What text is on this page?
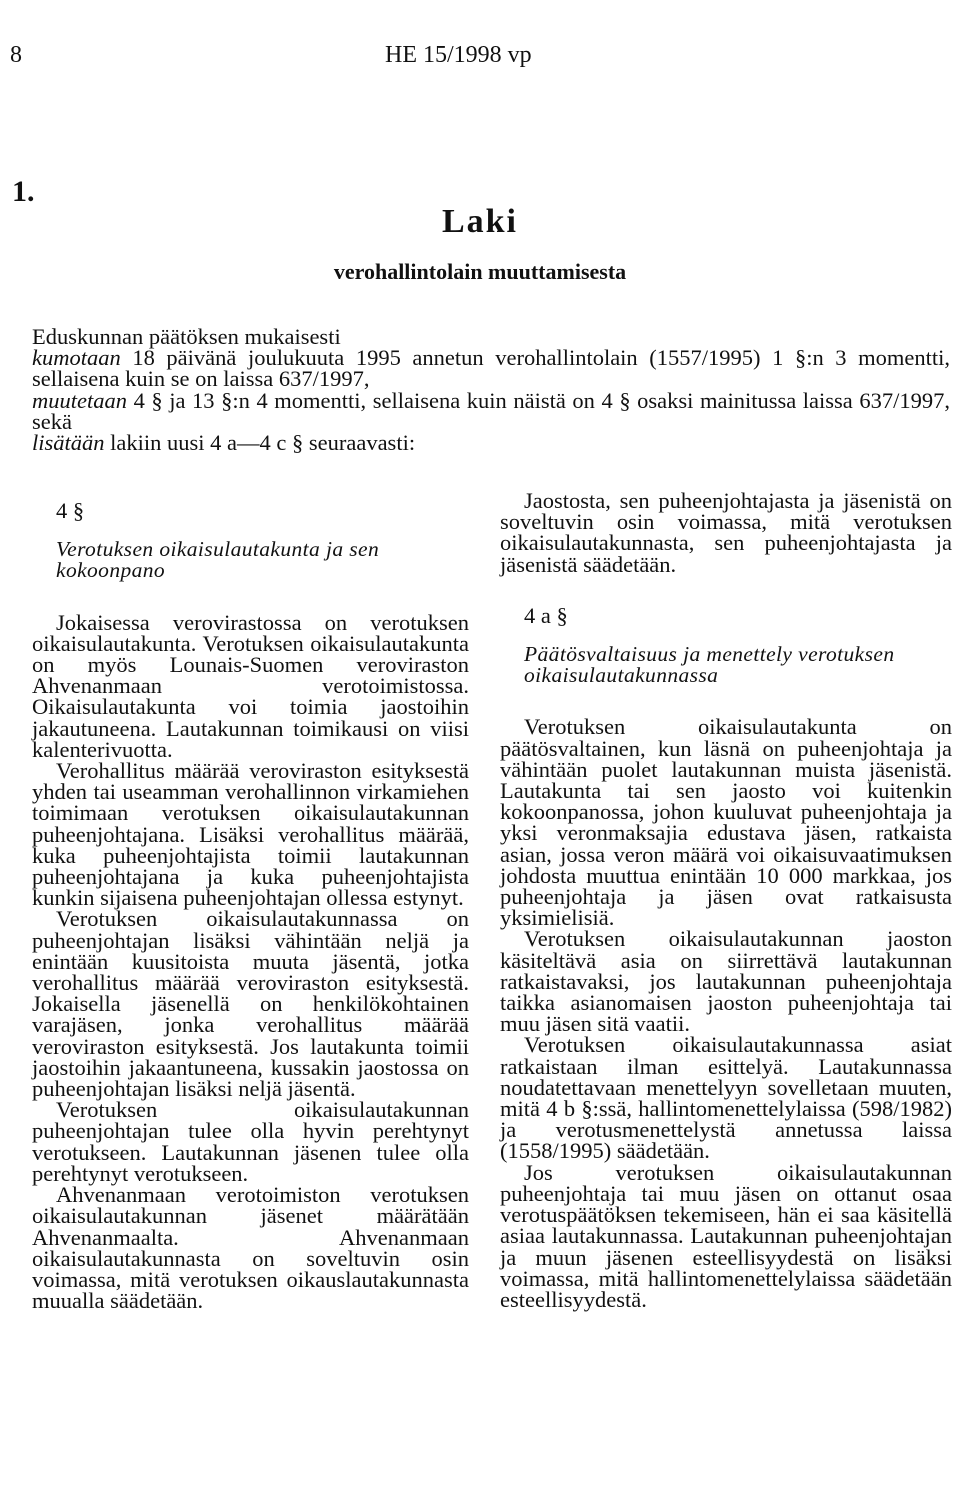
8	HE 15/1998 vp
1.
Laki
verohallintolain muuttamisesta

Eduskunnan päätöksen mukaisesti

kumotaan 18 päivänä joulukuuta 1995 annetun verohallintolain (1557/1995) 1 §:n 3 momentti, sellaisena kuin se on laissa 637/1997,

muutetaan 4 § ja 13 §:n 4 momentti, sellaisena kuin näistä on 4 § osaksi mainitussa laissa 637/1997, sekä

lisätään lakiin uusi 4 a—4 c § seuraavasti:

4 §

Verotuksen oikaisulautakunta ja sen

kokoonpano

Jokaisessa verovirastossa on verotuksen oikaisulautakunta. Verotuksen oikaisulautakunta on myös Lounais-Suomen veroviraston Ahvenanmaan verotoimistossa. Oikaisulautakunta voi toimia jaostoihin jakautuneena. Lautakunnan toimikausi on viisi kalenterivuotta.

Verohallitus määrää veroviraston esityksestä yhden tai useamman verohallinnon virkamiehen toimimaan verotuksen oikaisulautakunnan puheenjohtajana. Lisäksi verohallitus määrää, kuka puheenjohtajista toimii lautakunnan puheenjohtajana ja kuka puheenjohtajista kunkin sijaisena puheenjohtajan ollessa estynyt.

Verotuksen oikaisulautakunnassa on puheenjohtajan lisäksi vähintään neljä ja enintään kuusitoista muuta jäsentä, jotka verohallitus määrää veroviraston esityksestä. Jokaisella jäsenellä on henkilökohtainen varajäsen, jonka verohallitus määrää veroviraston esityksestä. Jos lautakunta toimii jaostoihin jakaantuneena, kussakin jaostossa on puheenjohtajan lisäksi neljä jäsentä.

Verotuksen oikaisulautakunnan puheenjohtajan tulee olla hyvin perehtynyt verotukseen. Lautakunnan jäsenen tulee olla perehtynyt verotukseen.

Ahvenanmaan verotoimiston verotuksen oikaisulautakunnan jäsenet määrätään Ahvenanmaalta. Ahvenanmaan oikaisulautakunnasta on soveltuvin osin voimassa, mitä verotuksen oikauslautakunnasta muualla säädetään.

Jaostosta, sen puheenjohtajasta ja jäsenistä on soveltuvin osin voimassa, mitä verotuksen oikaisulautakunnasta, sen puheenjohtajasta ja jäsenistä säädetään.

4 a §

Päätösvaltaisuus ja menettely verotuksen

oikaisulautakunnassa

Verotuksen oikaisulautakunta on päätösvaltainen, kun läsnä on puheenjohtaja ja vähintään puolet lautakunnan muista jäsenistä. Lautakunta tai sen jaosto voi kuitenkin kokoonpanossa, johon kuuluvat puheenjohtaja ja yksi veronmaksajia edustava jäsen, ratkaista asian, jossa veron määrä voi oikaisuvaatimuksen johdosta muuttua enintään 10 000 markkaa, jos puheenjohtaja ja jäsen ovat ratkaisusta yksimielisiä.

Verotuksen oikaisulautakunnan jaoston käsiteltävä asia on siirrettävä lautakunnan ratkaistavaksi, jos lautakunnan puheenjohtaja taikka asianomaisen jaoston puheenjohtaja tai muu jäsen sitä vaatii.

Verotuksen oikaisulautakunnassa asiat ratkaistaan ilman esittelyä. Lautakunnassa noudatettavaan menettelyyn sovelletaan muuten, mitä 4 b §:ssä, hallintomenettelylaissa (598/1982) ja verotusmenettelystä annetussa laissa (1558/1995) säädetään.

Jos verotuksen oikaisulautakunnan puheenjohtaja tai muu jäsen on ottanut osaa verotuspäätöksen tekemiseen, hän ei saa käsitellä asiaa lautakunnassa. Lautakunnan puheenjohtajan ja muun jäsenen esteellisyydestä on lisäksi voimassa, mitä hallintomenettelylaissa säädetään esteellisyydestä.
